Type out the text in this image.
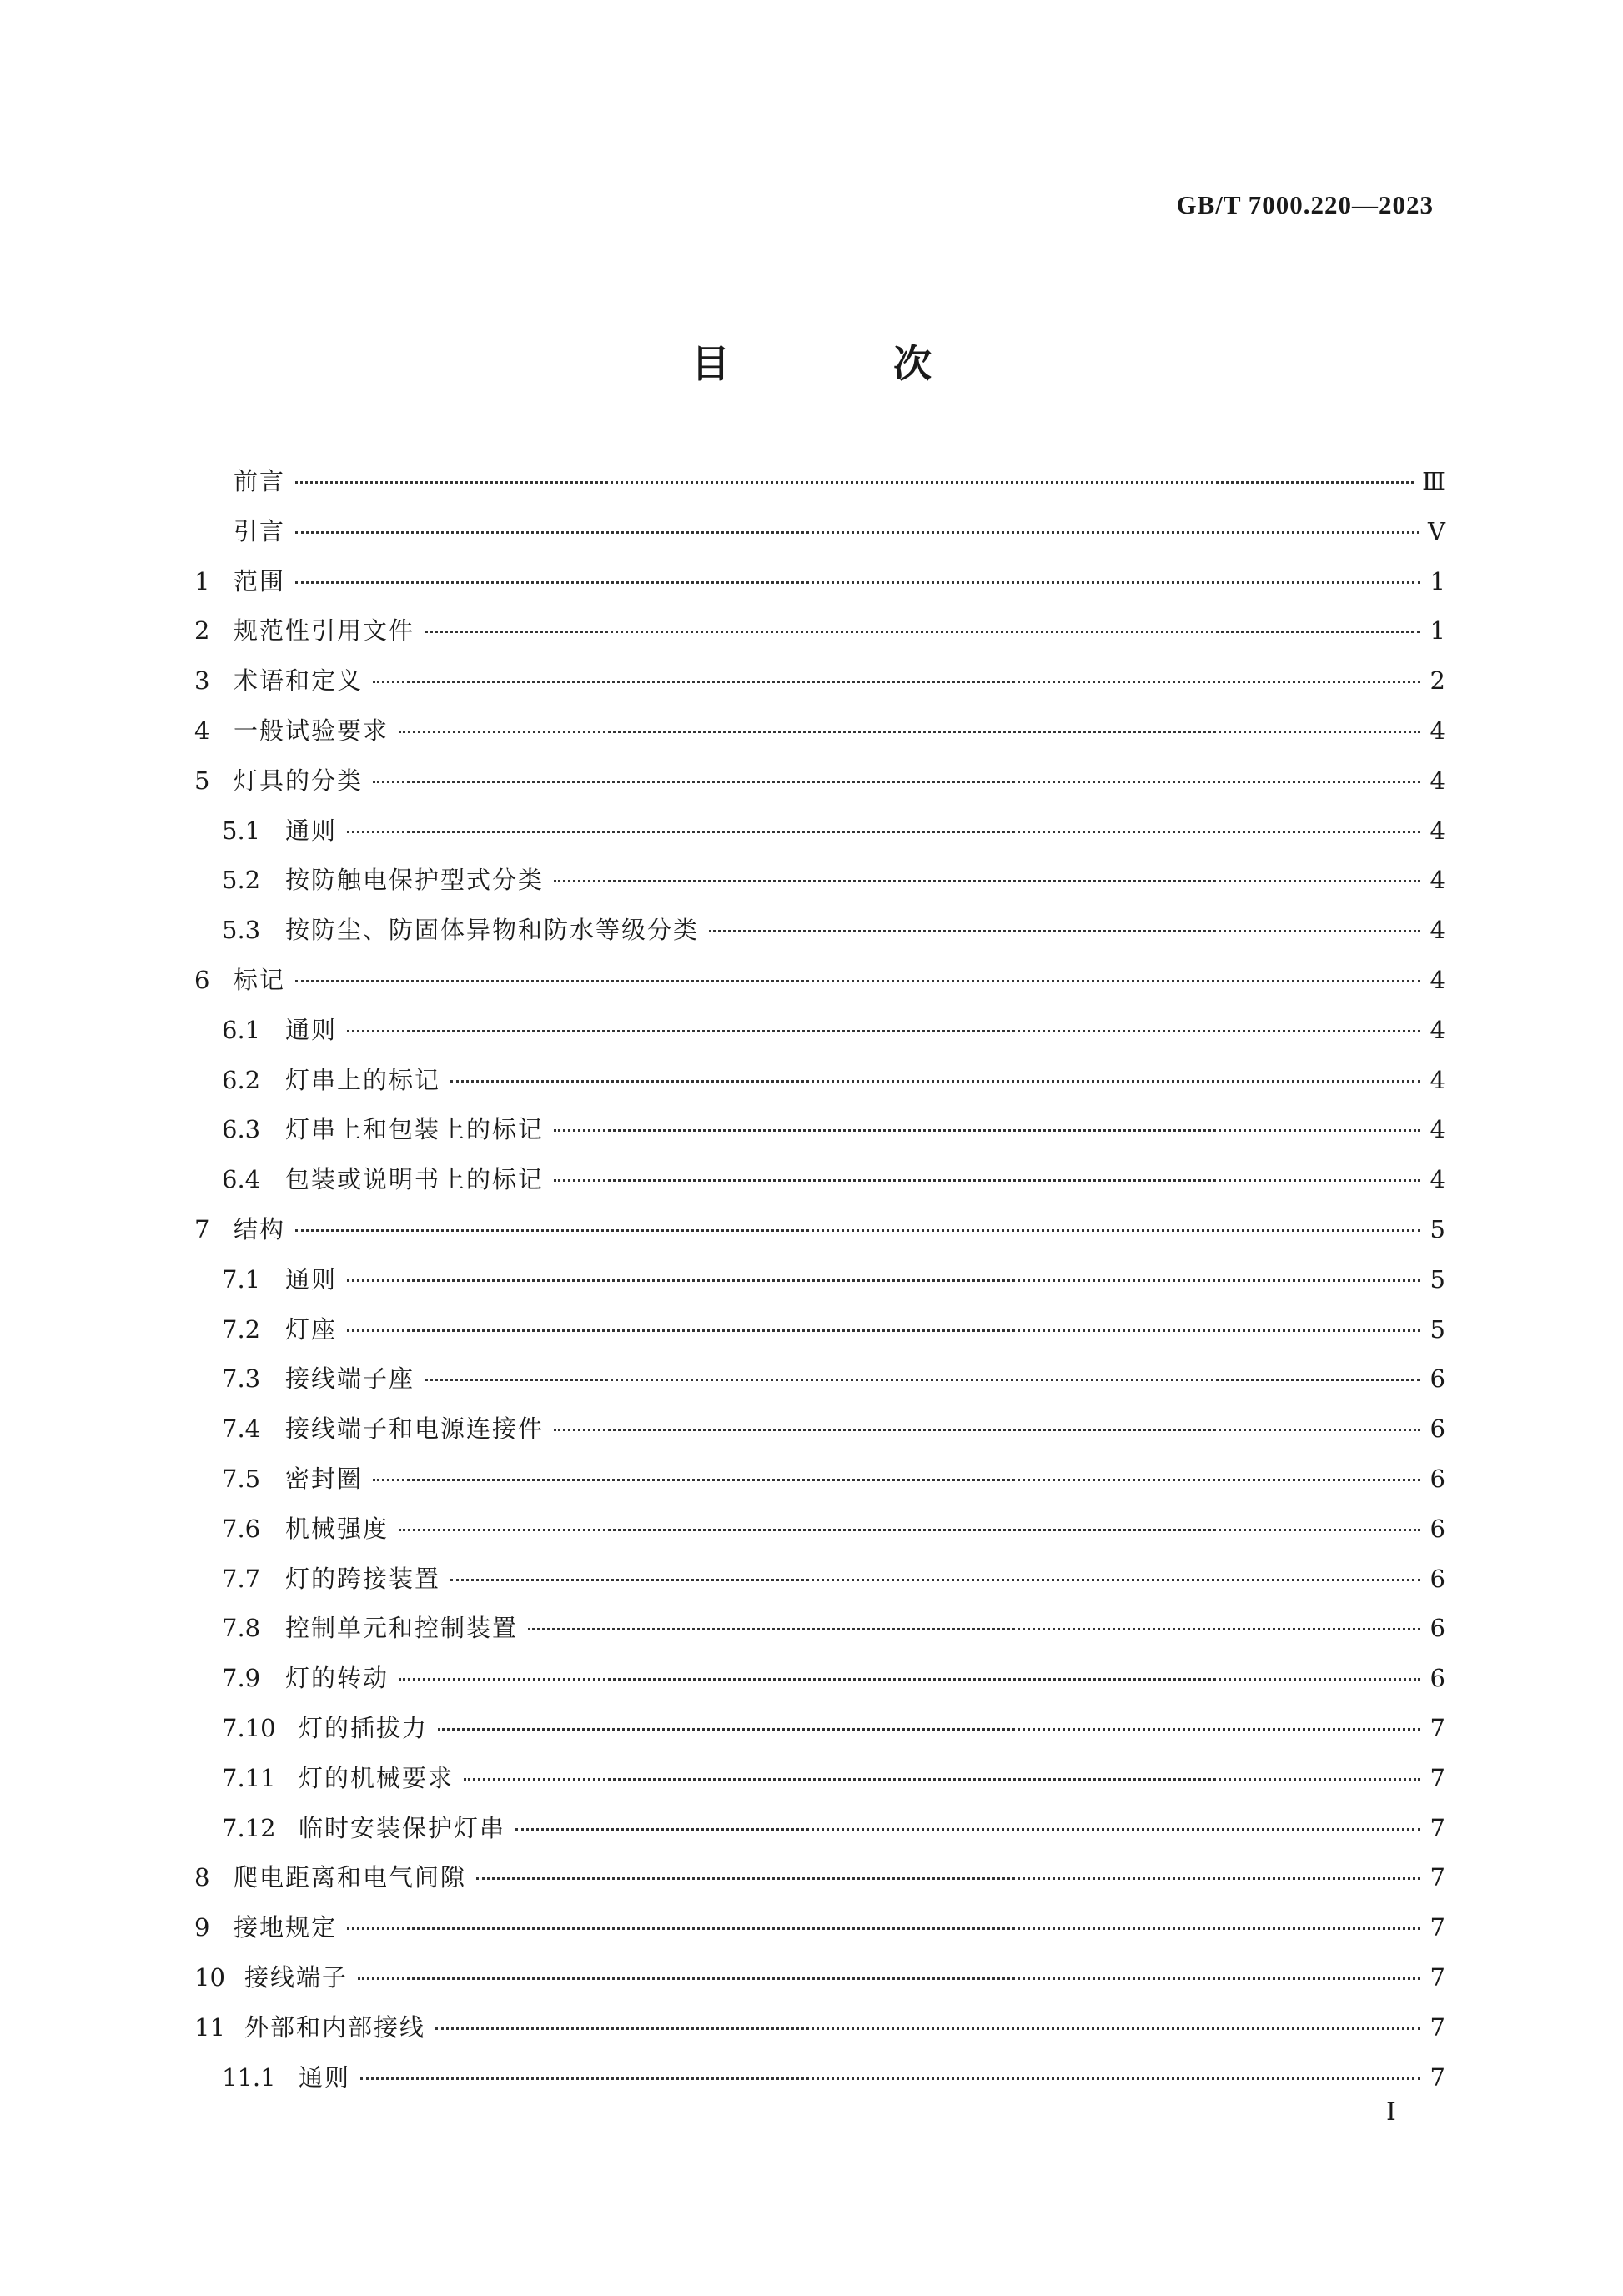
GB/T 7000.220—2023
目 次
前言	Ⅲ
引言	Ⅴ
1 范围	1
2 规范性引用文件	1
3 术语和定义	2
4 一般试验要求	4
5 灯具的分类	4
5.1	通则	4
5.2	按防触电保护型式分类	4
5.3	按防尘、防固体异物和防水等级分类	4
6 标记	4
6.1	通则	4
6.2	灯串上的标记	4
6.3	灯串上和包装上的标记	4
6.4	包装或说明书上的标记	4
7 结构	5
7.1	通则	5
7.2	灯座	5
7.3	接线端子座	6
7.4	接线端子和电源连接件	6
7.5	密封圈	6
7.6	机械强度	6
7.7	灯的跨接装置	6
7.8	控制单元和控制装置	6
7.9	灯的转动	6
7.10 灯的插拔力	7
7.11 灯的机械要求	7
7.12 临时安装保护灯串	7
8 爬电距离和电气间隙	7
9 接地规定	7
10 接线端子	7
11 外部和内部接线	7
11.1 通则	7
Ⅰ
